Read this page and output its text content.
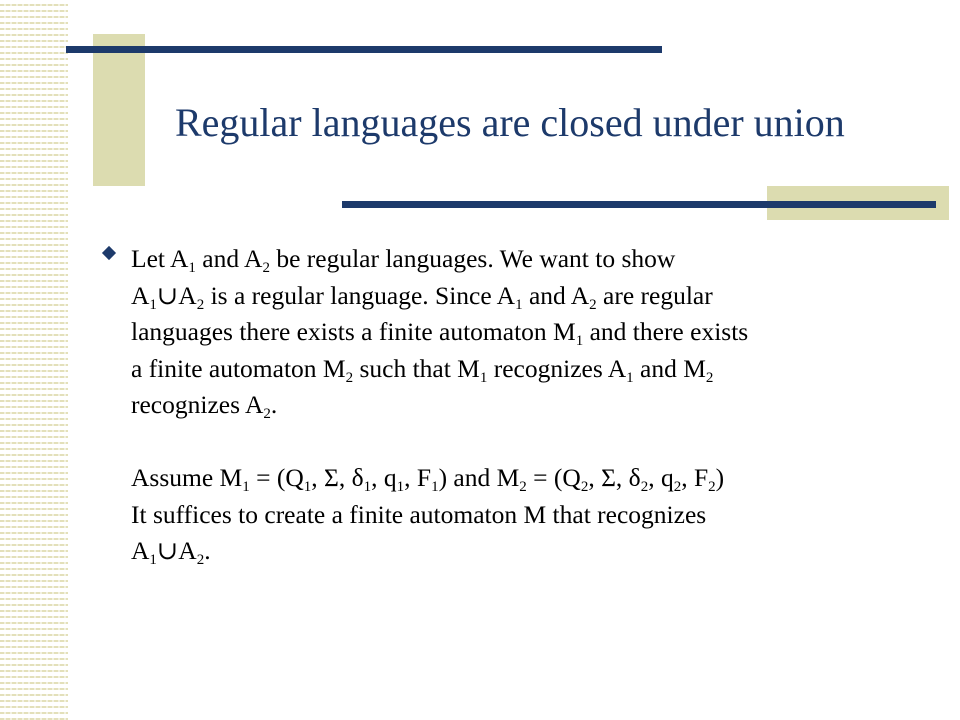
Regular languages are closed under union
Let $A_1$ and $A_2$ be regular languages. We want to show
$A_1\cup A_2$ is a regular language. Since $A_1$ and $A_2$ are regular
languages there exists a finite automaton $M_1$ and there exists
a finite automaton $M_2$ such that $M_1$ recognizes $A_1$ and $M_2$
recognizes $A_2$.
Assume $M_1 = (Q_1$, Σ, $\delta_1$, $q_1$, $F_1$) and $M_2 = (Q_2$, Σ, $\delta_2$, $q_2$, $F_2$)
It suffices to create a finite automaton M that recognizes
$A_1\cup A_2$.
